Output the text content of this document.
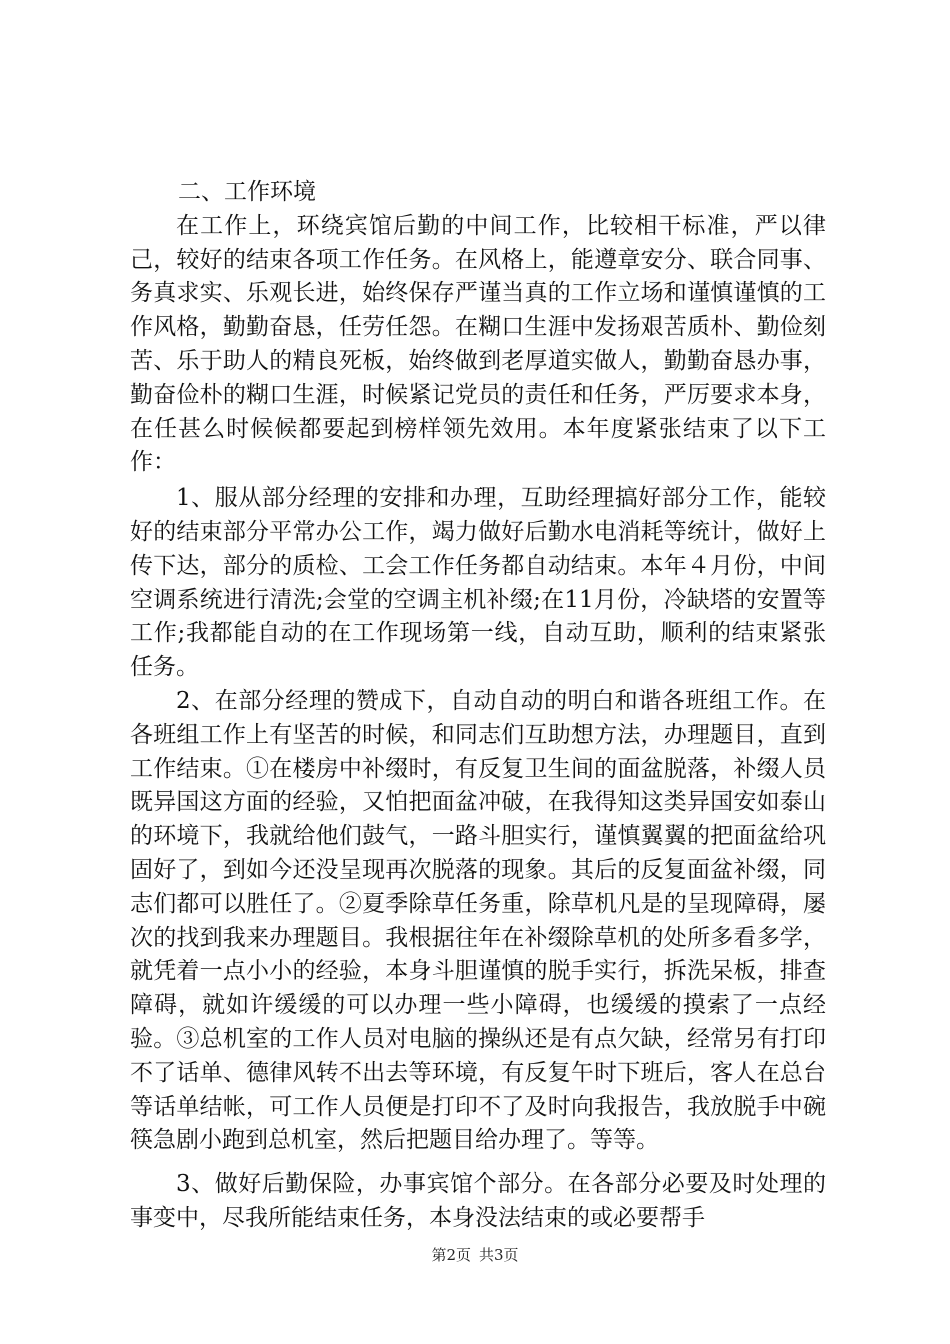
二、工作环境

在工作上，环绕宾馆后勤的中间工作，比较相干标准，严以律己，较好的结束各项工作任务。在风格上，能遵章安分、联合同事、务真求实、乐观长进，始终保存严谨当真的工作立场和谨慎谨慎的工作风格，勤勤奋恳，任劳任怨。在糊口生涯中发扬艰苦质朴、勤俭刻苦、乐于助人的精良死板，始终做到老厚道实做人，勤勤奋恳办事，勤奋俭朴的糊口生涯，时候紧记党员的责任和任务，严厉要求本身，在任甚么时候候都要起到榜样领先效用。本年度紧张结束了以下工作：

1、服从部分经理的安排和办理，互助经理搞好部分工作，能较好的结束部分平常办公工作，竭力做好后勤水电消耗等统计，做好上传下达，部分的质检、工会工作任务都自动结束。本年４月份，中间空调系统进行清洗;会堂的空调主机补缀;在11月份，冷缺塔的安置等工作;我都能自动的在工作现场第一线，自动互助，顺利的结束紧张任务。

2、在部分经理的赞成下，自动自动的明白和谐各班组工作。在各班组工作上有坚苦的时候，和同志们互助想方法，办理题目，直到工作结束。①在楼房中补缀时，有反复卫生间的面盆脱落，补缀人员既异国这方面的经验，又怕把面盆冲破，在我得知这类异国安如泰山的环境下，我就给他们鼓气，一路斗胆实行，谨慎翼翼的把面盆给巩固好了，到如今还没呈现再次脱落的现象。其后的反复面盆补缀，同志们都可以胜任了。②夏季除草任务重，除草机凡是的呈现障碍，屡次的找到我来办理题目。我根据往年在补缀除草机的处所多看多学，就凭着一点小小的经验，本身斗胆谨慎的脱手实行，拆洗呆板，排查障碍，就如许缓缓的可以办理一些小障碍，也缓缓的摸索了一点经验。③总机室的工作人员对电脑的操纵还是有点欠缺，经常另有打印不了话单、德律风转不出去等环境，有反复午时下班后，客人在总台等话单结帐，可工作人员便是打印不了及时向我报告，我放脱手中碗筷急剧小跑到总机室，然后把题目给办理了。等等。

3、做好后勤保险，办事宾馆个部分。在各部分必要及时处理的事变中，尽我所能结束任务，本身没法结束的或必要帮手

第2页 共3页
